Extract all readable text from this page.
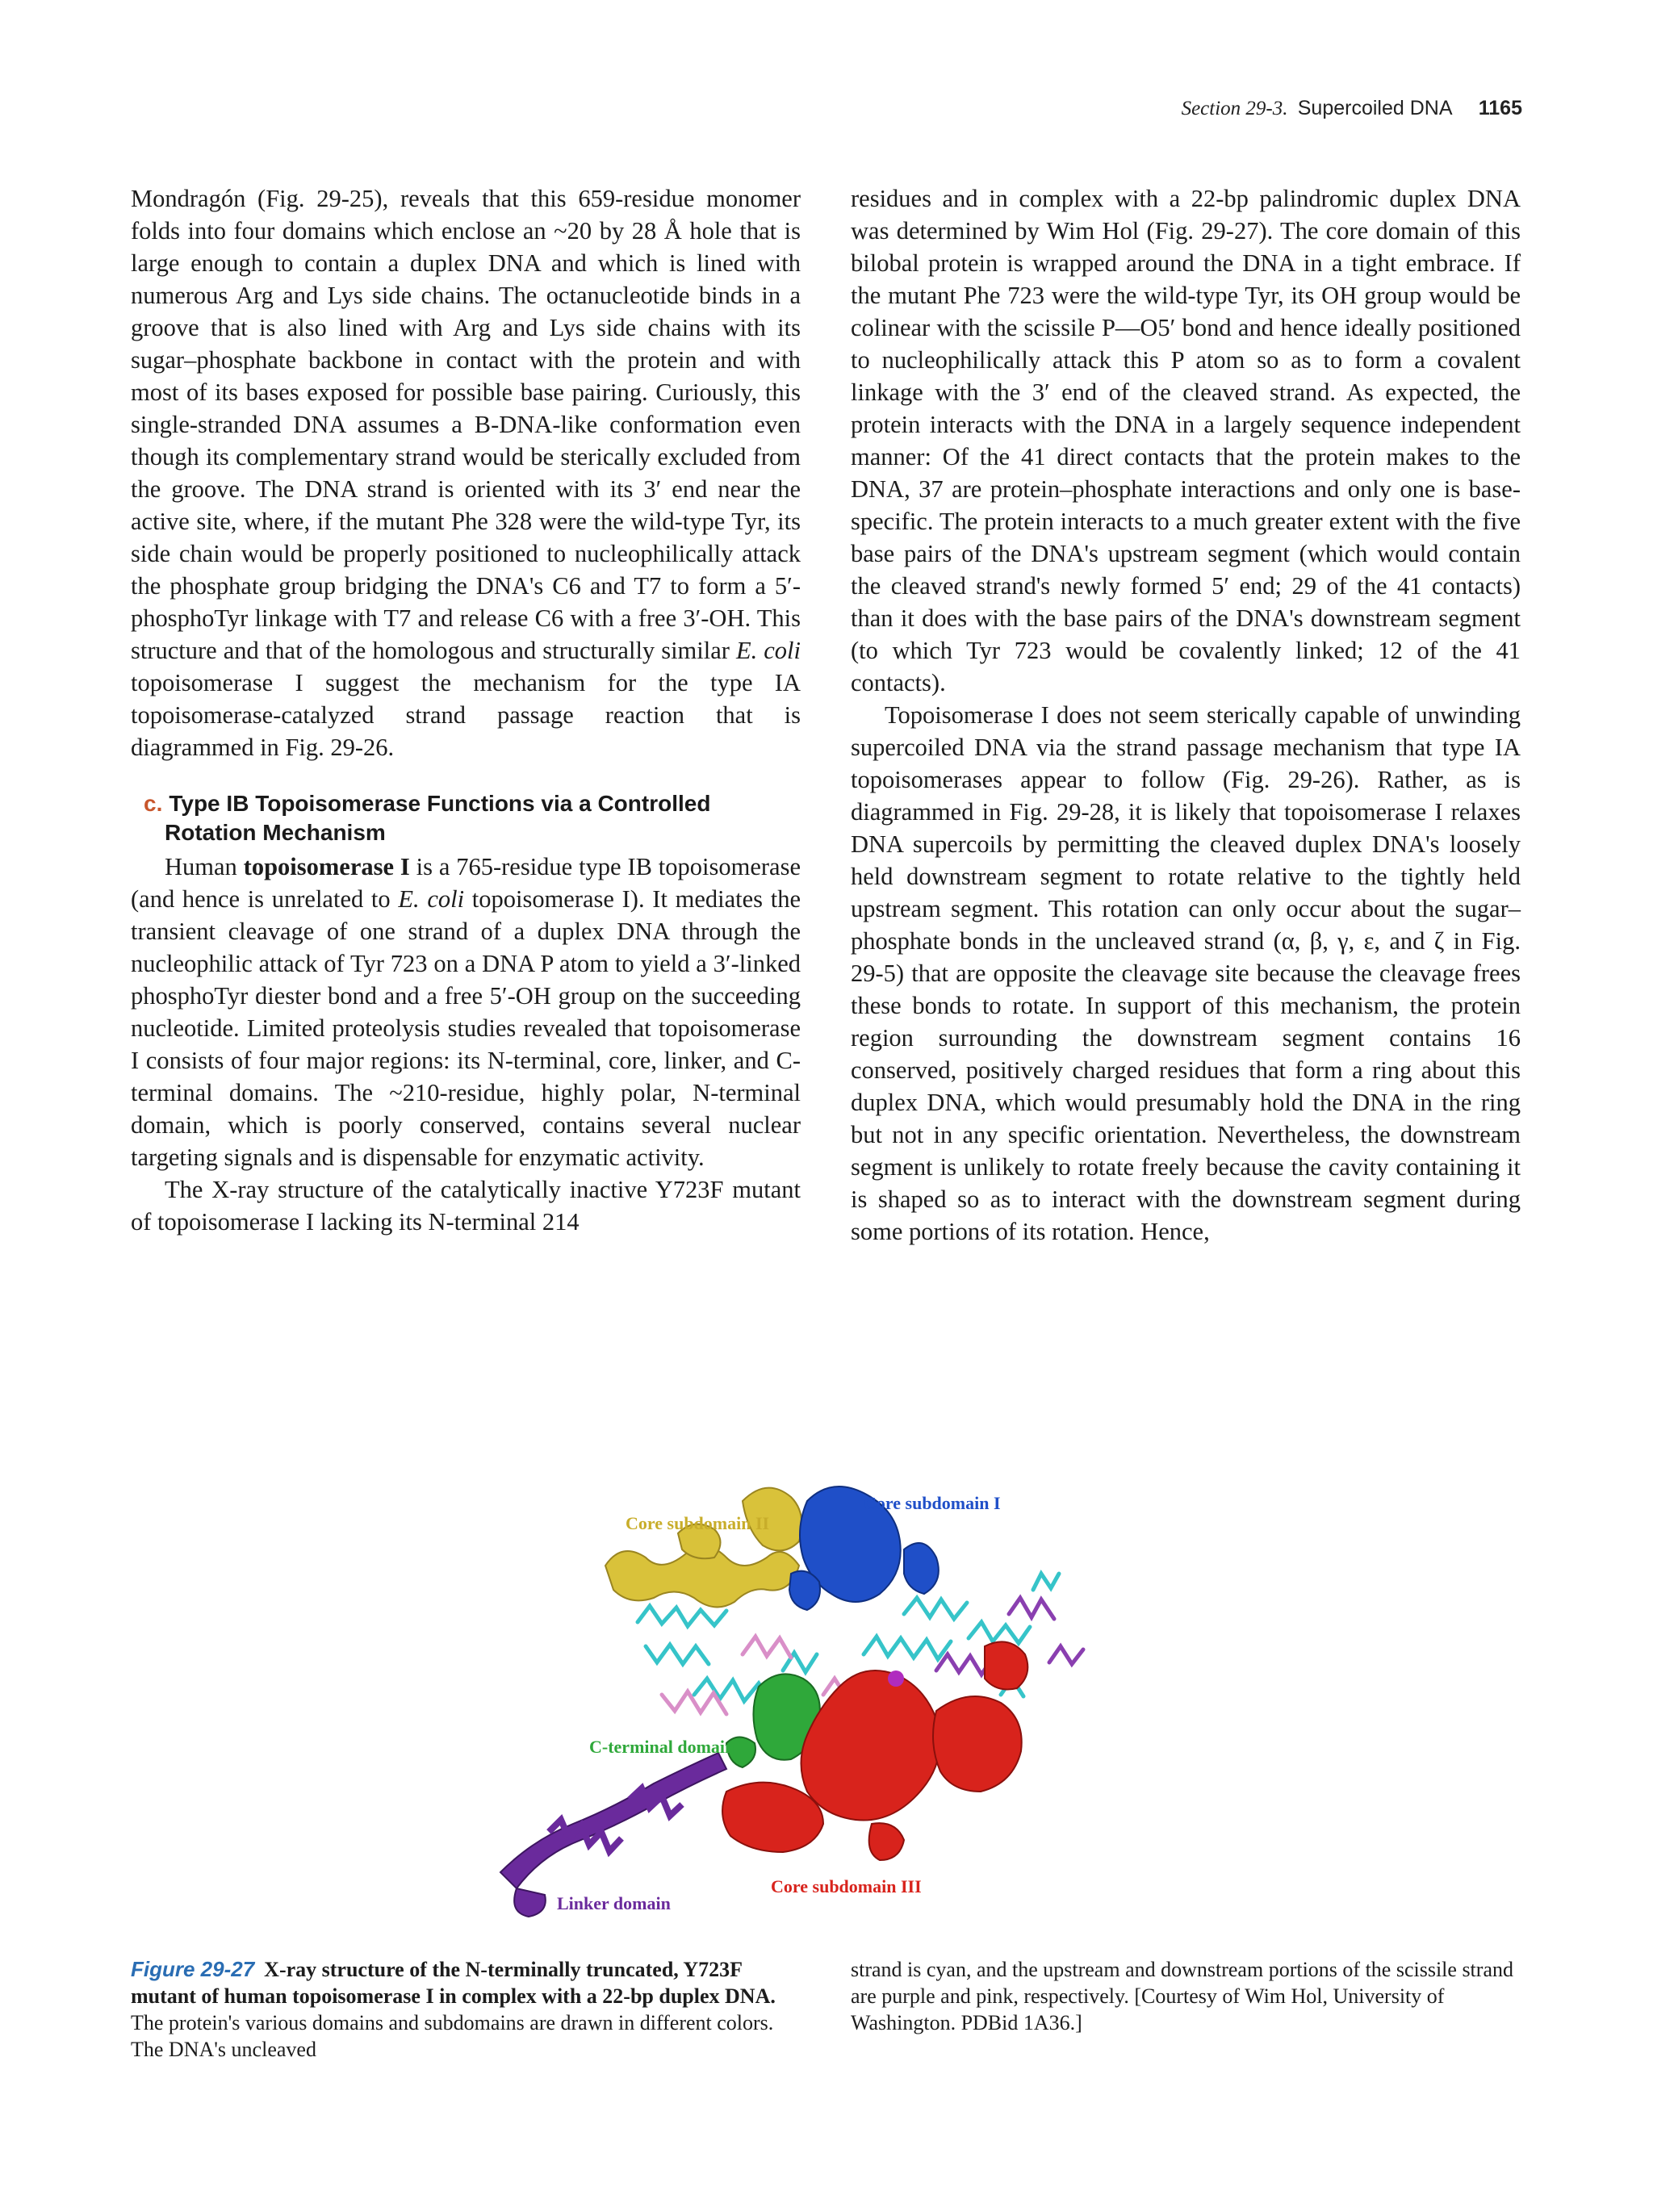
Section 29-3. Supercoiled DNA 1165

Mondragón (Fig. 29-25), reveals that this 659-residue monomer folds into four domains which enclose an ~20 by 28 Å hole that is large enough to contain a duplex DNA and which is lined with numerous Arg and Lys side chains. The octanucleotide binds in a groove that is also lined with Arg and Lys side chains with its sugar–phosphate backbone in contact with the protein and with most of its bases exposed for possible base pairing. Curiously, this single-stranded DNA assumes a B-DNA-like conformation even though its complementary strand would be sterically excluded from the groove. The DNA strand is oriented with its 3′ end near the active site, where, if the mutant Phe 328 were the wild-type Tyr, its side chain would be properly positioned to nucleophilically attack the phosphate group bridging the DNA's C6 and T7 to form a 5′-phosphoTyr linkage with T7 and release C6 with a free 3′-OH. This structure and that of the homologous and structurally similar E. coli topoisomerase I suggest the mechanism for the type IA topoisomerase-catalyzed strand passage reaction that is diagrammed in Fig. 29-26.

c. Type IB Topoisomerase Functions via a Controlled Rotation Mechanism

Human topoisomerase I is a 765-residue type IB topoisomerase (and hence is unrelated to E. coli topoisomerase I). It mediates the transient cleavage of one strand of a duplex DNA through the nucleophilic attack of Tyr 723 on a DNA P atom to yield a 3′-linked phosphoTyr diester bond and a free 5′-OH group on the succeeding nucleotide. Limited proteolysis studies revealed that topoisomerase I consists of four major regions: its N-terminal, core, linker, and C-terminal domains. The ~210-residue, highly polar, N-terminal domain, which is poorly conserved, contains several nuclear targeting signals and is dispensable for enzymatic activity.

The X-ray structure of the catalytically inactive Y723F mutant of topoisomerase I lacking its N-terminal 214

residues and in complex with a 22-bp palindromic duplex DNA was determined by Wim Hol (Fig. 29-27). The core domain of this bilobal protein is wrapped around the DNA in a tight embrace. If the mutant Phe 723 were the wild-type Tyr, its OH group would be colinear with the scissile P—O5′ bond and hence ideally positioned to nucleophilically attack this P atom so as to form a covalent linkage with the 3′ end of the cleaved strand. As expected, the protein interacts with the DNA in a largely sequence independent manner: Of the 41 direct contacts that the protein makes to the DNA, 37 are protein–phosphate interactions and only one is base-specific. The protein interacts to a much greater extent with the five base pairs of the DNA's upstream segment (which would contain the cleaved strand's newly formed 5′ end; 29 of the 41 contacts) than it does with the base pairs of the DNA's downstream segment (to which Tyr 723 would be covalently linked; 12 of the 41 contacts).

Topoisomerase I does not seem sterically capable of unwinding supercoiled DNA via the strand passage mechanism that type IA topoisomerases appear to follow (Fig. 29-26). Rather, as is diagrammed in Fig. 29-28, it is likely that topoisomerase I relaxes DNA supercoils by permitting the cleaved duplex DNA's loosely held downstream segment to rotate relative to the tightly held upstream segment. This rotation can only occur about the sugar–phosphate bonds in the uncleaved strand (α, β, γ, ε, and ζ in Fig. 29-5) that are opposite the cleavage site because the cleavage frees these bonds to rotate. In support of this mechanism, the protein region surrounding the downstream segment contains 16 conserved, positively charged residues that form a ring about this duplex DNA, which would presumably hold the DNA in the ring but not in any specific orientation. Nevertheless, the downstream segment is unlikely to rotate freely because the cavity containing it is shaped so as to interact with the downstream segment during some portions of its rotation. Hence,

Core subdomain I
Core subdomain II
C-terminal domain
Linker domain
Core subdomain III
Figure 29-27 X-ray structure of the N-terminally truncated, Y723F mutant of human topoisomerase I in complex with a 22-bp duplex DNA. The protein's various domains and subdomains are drawn in different colors. The DNA's uncleaved
strand is cyan, and the upstream and downstream portions of the scissile strand are purple and pink, respectively. [Courtesy of Wim Hol, University of Washington. PDBid 1A36.]
